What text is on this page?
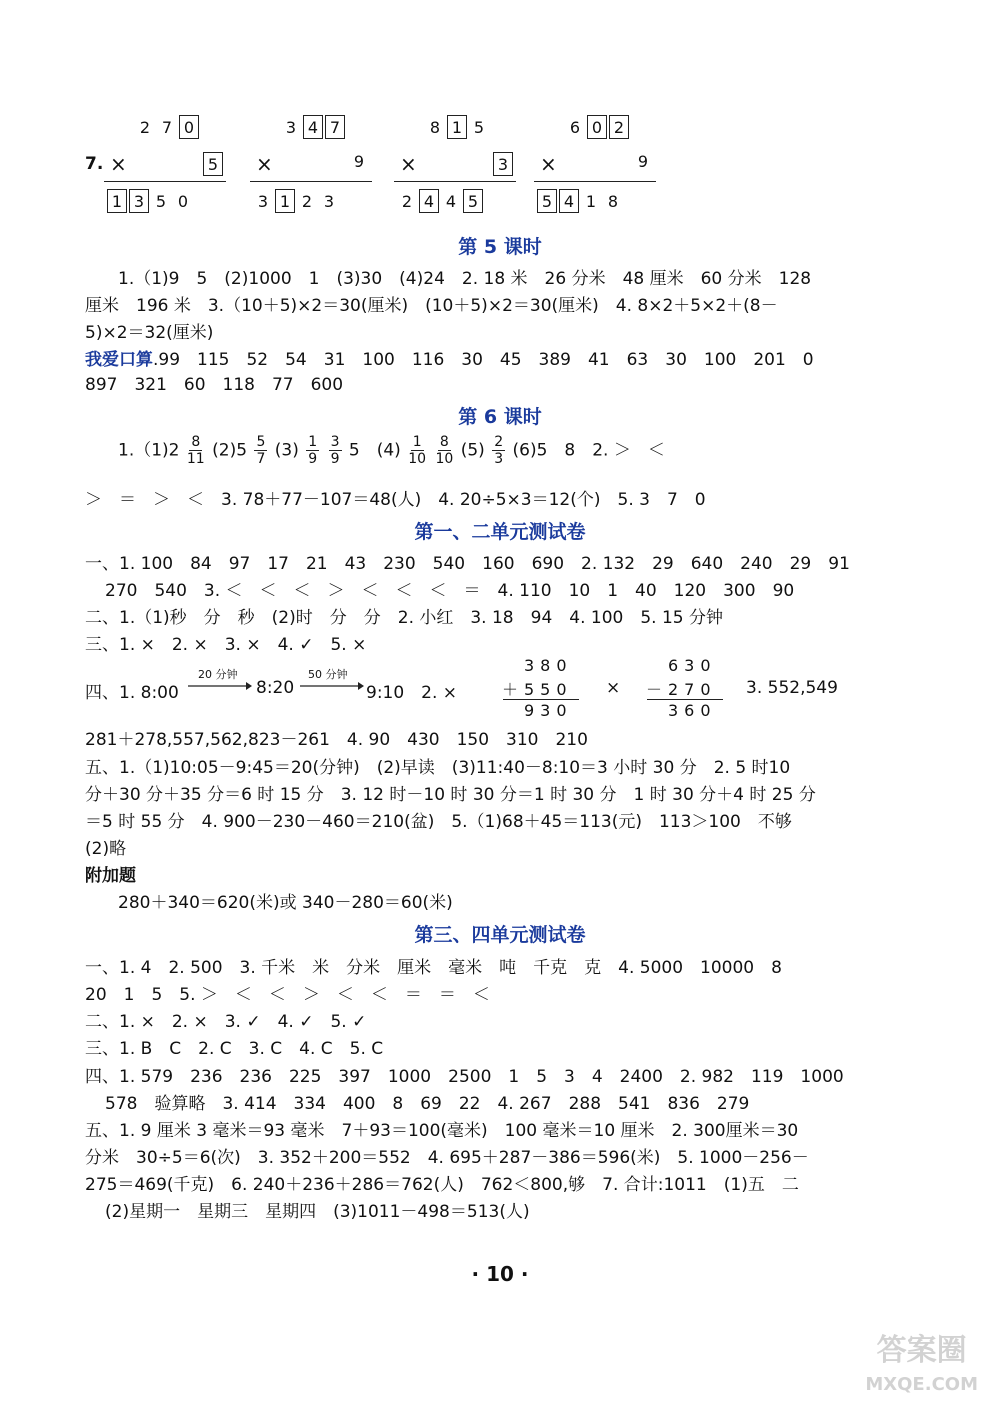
7.
2 7 0
×	5
1 3 5 0
3 4 7
×	9
3 1 2 3
8 1 5
×	3
2 4 4 5
6 0 2
×	9
5 4 1 8
第 5 课时
1.（1)9　5　(2)1000　1　(3)30　(4)24　2. 18 米　26 分米　48 厘米　60 分米　128
厘米　196 米　3.（10＋5)×2＝30(厘米)　(10＋5)×2＝30(厘米)　4. 8×2＋5×2＋(8－
5)×2＝32(厘米)
我爱口算.99　115　52　54　31　100　116　30　45　389　41　63　30　100　201　0
897　321　60　118　77　600
第 6 课时
$1.(1)2 \frac{8}{11} (2)5 \frac{5}{7} (3) \frac{1}{9}$
$\frac{3}{9} 5$　$(4) \frac{1}{10}$
$\frac{8}{10} (5) \frac{2}{3} (6)5$　8　2. ＞　＜
＞　＝　＞　＜　3. 78＋77－107＝48(人)　4. 20÷5×3＝12(个)　5. 3　7　0
第一、二单元测试卷
一、1. 100　84　97　17　21　43　230　540　160　690　2. 132　29　640　240　29　91
270　540　3. ＜　＜　＜　＞　＜　＜　＜　＝　4. 110　10　1　40　120　300　90
二、1.（1)秒　分　秒　(2)时　分　分　2. 小红　3. 18　94　4. 100　5. 15 分钟
三、1. ×　2. ×　3. ×　4. ✓　5. ×
四、1. 8:00
20 分钟
8:20
50 分钟
9:10　2. ×
380
＋550
930
×
630
－270
360
3. 552,549
281＋278,557,562,823－261　4. 90　430　150　310　210
五、1.（1)10:05－9:45＝20(分钟)　(2)早读　(3)11:40－8:10＝3 小时 30 分　2. 5 时10
分＋30 分＋35 分＝6 时 15 分　3. 12 时－10 时 30 分＝1 时 30 分　1 时 30 分＋4 时 25 分
＝5 时 55 分　4. 900－230－460＝210(盆)　5.（1)68＋45＝113(元)　113＞100　不够
(2)略
附加题
280＋340＝620(米)或 340－280＝60(米)
第三、四单元测试卷
一、1. 4　2. 500　3. 千米　米　分米　厘米　毫米　吨　千克　克　4. 5000　10000　8
20　1　5　5. ＞　＜　＜　＞　＜　＜　＝　＝　＜
二、1. ×　2. ×　3. ✓　4. ✓　5. ✓
三、1. B　C　2. C　3. C　4. C　5. C
四、1. 579　236　236　225　397　1000　2500　1　5　3　4　2400　2. 982　119　1000
578　验算略　3. 414　334　400　8　69　22　4. 267　288　541　836　279
五、1. 9 厘米 3 毫米＝93 毫米　7＋93＝100(毫米)　100 毫米＝10 厘米　2. 300厘米＝30
分米　30÷5＝6(次)　3. 352＋200＝552　4. 695＋287－386＝596(米)　5. 1000－256－
275＝469(千克)　6. 240＋236＋286＝762(人)　762＜800,够　7. 合计:1011　(1)五　二
(2)星期一　星期三　星期四　(3)1011－498＝513(人)
· 10 ·
答案圈
MXQE.COM
